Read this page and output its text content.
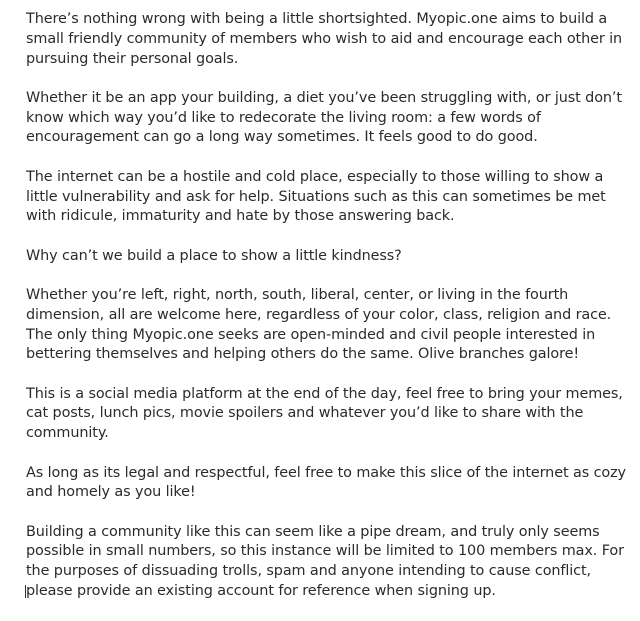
There’s nothing wrong with being a little shortsighted. Myopic.one aims to build a small friendly community of members who wish to aid and encourage each other in pursuing their personal goals.

Whether it be an app your building, a diet you’ve been struggling with, or just don’t know which way you’d like to redecorate the living room: a few words of encouragement can go a long way sometimes. It feels good to do good.

The internet can be a hostile and cold place, especially to those willing to show a little vulnerability and ask for help. Situations such as this can sometimes be met with ridicule, immaturity and hate by those answering back.

Why can’t we build a place to show a little kindness?

Whether you’re left, right, north, south, liberal, center, or living in the fourth dimension, all are welcome here, regardless of your color, class, religion and race. The only thing Myopic.one seeks are open-minded and civil people interested in bettering themselves and helping others do the same. Olive branches galore!

This is a social media platform at the end of the day, feel free to bring your memes, cat posts, lunch pics, movie spoilers and whatever you’d like to share with the community.

As long as its legal and respectful, feel free to make this slice of the internet as cozy and homely as you like!

Building a community like this can seem like a pipe dream, and truly only seems possible in small numbers, so this instance will be limited to 100 members max. For the purposes of dissuading trolls, spam and anyone intending to cause conflict, please provide an existing account for reference when signing up.
